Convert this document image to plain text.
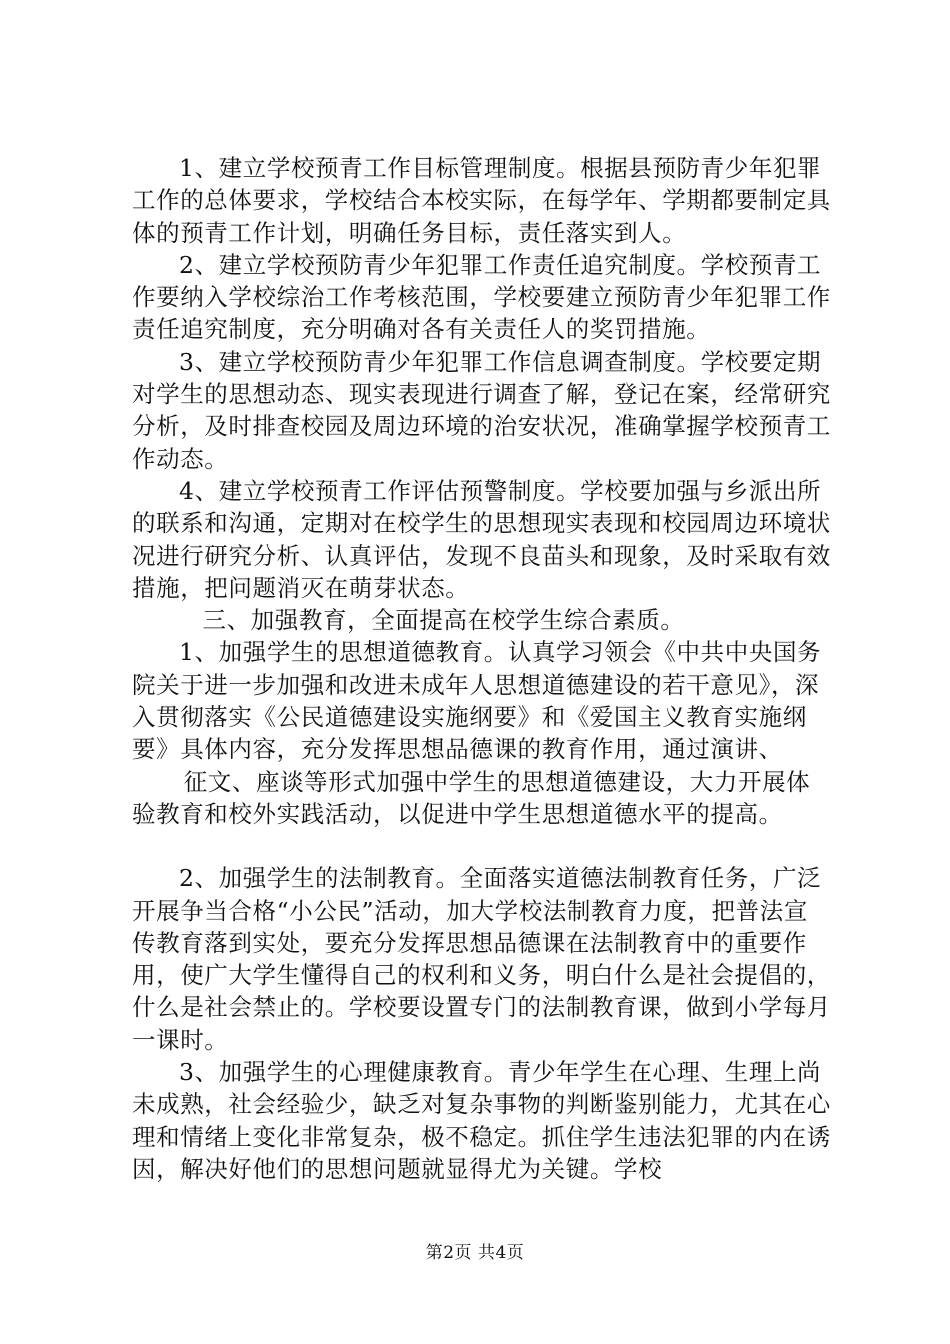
1、建立学校预青工作目标管理制度。根据县预防青少年犯罪工作的总体要求，学校结合本校实际，在每学年、学期都要制定具体的预青工作计划，明确任务目标，责任落实到人。

2、建立学校预防青少年犯罪工作责任追究制度。学校预青工作要纳入学校综治工作考核范围，学校要建立预防青少年犯罪工作责任追究制度，充分明确对各有关责任人的奖罚措施。

3、建立学校预防青少年犯罪工作信息调查制度。学校要定期对学生的思想动态、现实表现进行调查了解，登记在案，经常研究分析，及时排查校园及周边环境的治安状况，准确掌握学校预青工作动态。

4、建立学校预青工作评估预警制度。学校要加强与乡派出所的联系和沟通，定期对在校学生的思想现实表现和校园周边环境状况进行研究分析、认真评估，发现不良苗头和现象，及时采取有效措施，把问题消灭在萌芽状态。

三、加强教育，全面提高在校学生综合素质。

1、加强学生的思想道德教育。认真学习领会《中共中央国务院关于进一步加强和改进未成年人思想道德建设的若干意见》，深入贯彻落实《公民道德建设实施纲要》和《爱国主义教育实施纲要》具体内容，充分发挥思想品德课的教育作用，通过演讲、

征文、座谈等形式加强中学生的思想道德建设，大力开展体验教育和校外实践活动，以促进中学生思想道德水平的提高。

2、加强学生的法制教育。全面落实道德法制教育任务，广泛开展争当合格“小公民”活动，加大学校法制教育力度，把普法宣传教育落到实处，要充分发挥思想品德课在法制教育中的重要作用，使广大学生懂得自己的权利和义务，明白什么是社会提倡的，什么是社会禁止的。学校要设置专门的法制教育课，做到小学每月一课时。

3、加强学生的心理健康教育。青少年学生在心理、生理上尚未成熟，社会经验少，缺乏对复杂事物的判断鉴别能力，尤其在心理和情绪上变化非常复杂，极不稳定。抓住学生违法犯罪的内在诱因，解决好他们的思想问题就显得尤为关键。学校

第2页 共4页
